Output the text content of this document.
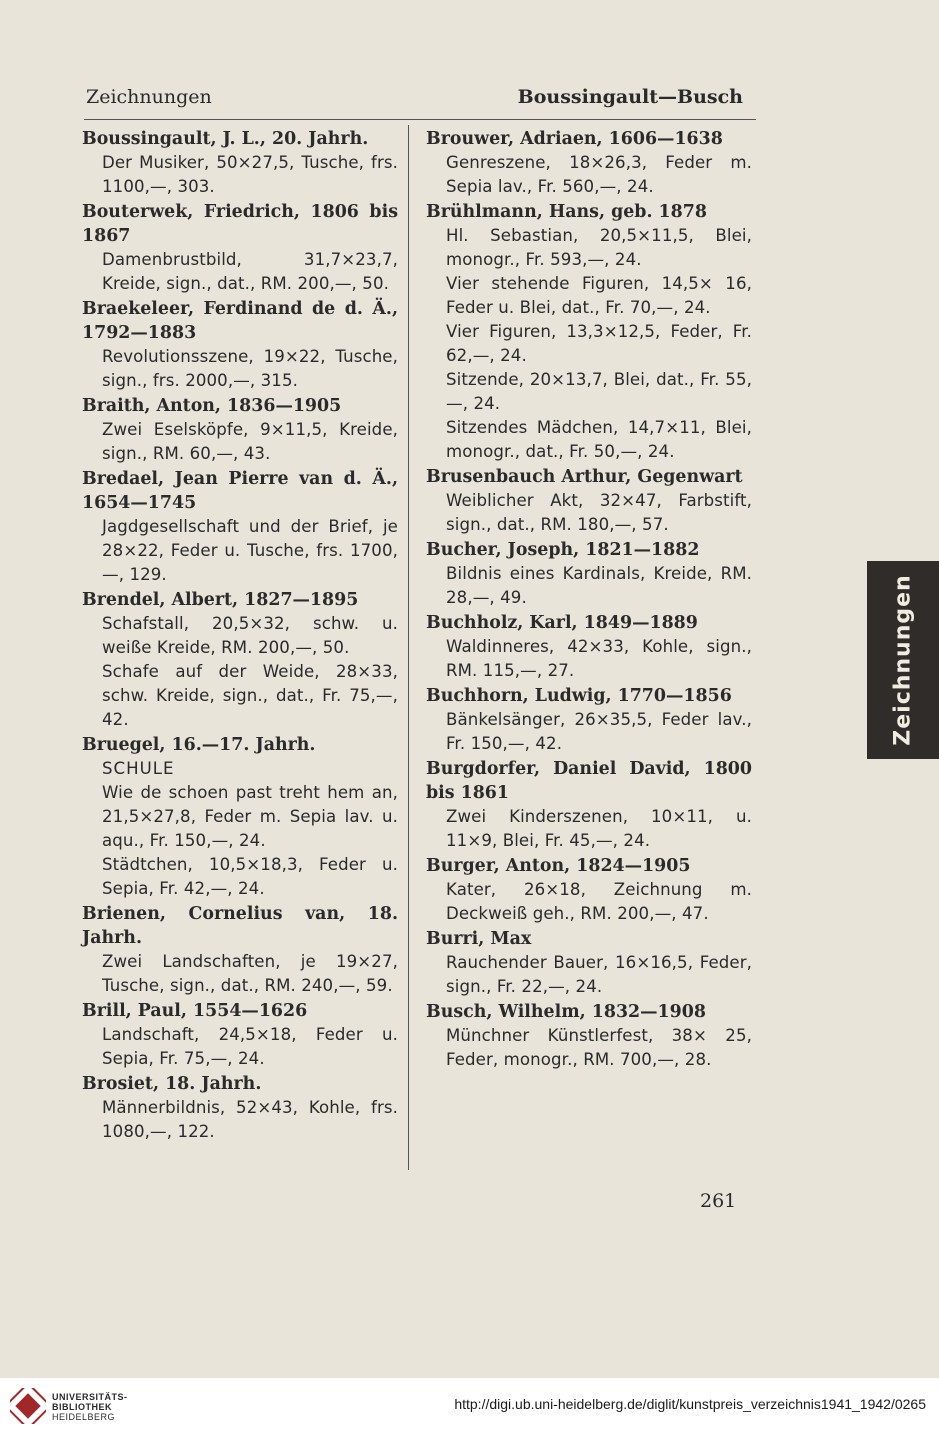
Zeichnungen	Boussingault—Busch
Boussingault, J. L., 20. Jahrh.
Der Musiker, 50×27,5, Tusche, frs. 1100,—, 303.
Bouterwek, Friedrich, 1806 bis 1867
Damenbrustbild, 31,7×23,7, Kreide, sign., dat., RM. 200,—, 50.
Braekeleer, Ferdinand de d. Ä., 1792—1883
Revolutionsszene, 19×22, Tusche, sign., frs. 2000,—, 315.
Braith, Anton, 1836—1905
Zwei Eselsköpfe, 9×11,5, Kreide, sign., RM. 60,—, 43.
Bredael, Jean Pierre van d. Ä., 1654—1745
Jagdgesellschaft und der Brief, je 28×22, Feder u. Tusche, frs. 1700,—, 129.
Brendel, Albert, 1827—1895
Schafstall, 20,5×32, schw. u. weiße Kreide, RM. 200,—, 50.
Schafe auf der Weide, 28×33, schw. Kreide, sign., dat., Fr. 75,—, 42.
Bruegel, 16.—17. Jahrh.
SCHULE
Wie de schoen past treht hem an, 21,5×27,8, Feder m. Sepia lav. u. aqu., Fr. 150,—, 24.
Städtchen, 10,5×18,3, Feder u. Sepia, Fr. 42,—, 24.
Brienen, Cornelius van, 18. Jahrh.
Zwei Landschaften, je 19×27, Tusche, sign., dat., RM. 240,—, 59.
Brill, Paul, 1554—1626
Landschaft, 24,5×18, Feder u. Sepia, Fr. 75,—, 24.
Brosiet, 18. Jahrh.
Männerbildnis, 52×43, Kohle, frs. 1080,—, 122.
Brouwer, Adriaen, 1606—1638
Genreszene, 18×26,3, Feder m. Sepia lav., Fr. 560,—, 24.
Brühlmann, Hans, geb. 1878
Hl. Sebastian, 20,5×11,5, Blei, monogr., Fr. 593,—, 24.
Vier stehende Figuren, 14,5× 16, Feder u. Blei, dat., Fr. 70,—, 24.
Vier Figuren, 13,3×12,5, Feder, Fr. 62,—, 24.
Sitzende, 20×13,7, Blei, dat., Fr. 55,—, 24.
Sitzendes Mädchen, 14,7×11, Blei, monogr., dat., Fr. 50,—, 24.
Brusenbauch Arthur, Gegenwart
Weiblicher Akt, 32×47, Farbstift, sign., dat., RM. 180,—, 57.
Bucher, Joseph, 1821—1882
Bildnis eines Kardinals, Kreide, RM. 28,—, 49.
Buchholz, Karl, 1849—1889
Waldinneres, 42×33, Kohle, sign., RM. 115,—, 27.
Buchhorn, Ludwig, 1770—1856
Bänkelsänger, 26×35,5, Feder lav., Fr. 150,—, 42.
Burgdorfer, Daniel David, 1800 bis 1861
Zwei Kinderszenen, 10×11, u. 11×9, Blei, Fr. 45,—, 24.
Burger, Anton, 1824—1905
Kater, 26×18, Zeichnung m. Deckweiß geh., RM. 200,—, 47.
Burri, Max
Rauchender Bauer, 16×16,5, Feder, sign., Fr. 22,—, 24.
Busch, Wilhelm, 1832—1908
Münchner Künstlerfest, 38× 25, Feder, monogr., RM. 700,—, 28.
Zeichnungen
261
UNIVERSITÄTS-
BIBLIOTHEK
HEIDELBERG
http://digi.ub.uni-heidelberg.de/diglit/kunstpreis_verzeichnis1941_1942/0265
